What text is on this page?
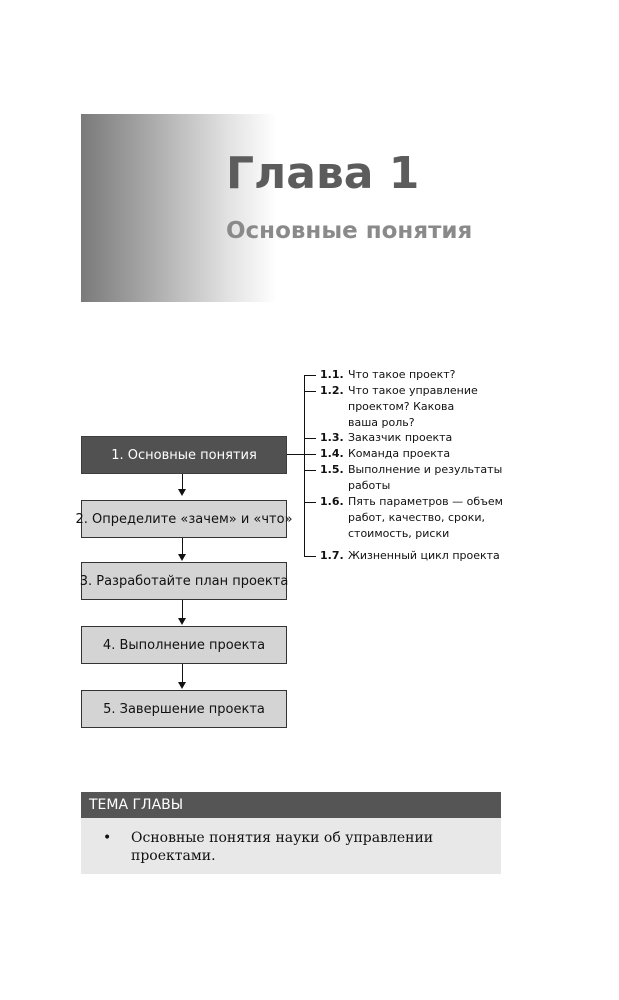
Глава 1
Основные понятия
1. Основные понятия
2. Определите «зачем» и «что»
3. Разработайте план проекта
4. Выполнение проекта
5. Завершение проекта
1.1. Что такое проект?
1.2. Что такое управление проектом? Какова ваша роль?
1.3. Заказчик проекта
1.4. Команда проекта
1.5. Выполнение и результаты работы
1.6. Пять параметров — объем работ, качество, сроки, стоимость, риски
1.7. Жизненный цикл проекта
ТЕМА ГЛАВЫ
• Основные понятия науки об управлении проектами.
